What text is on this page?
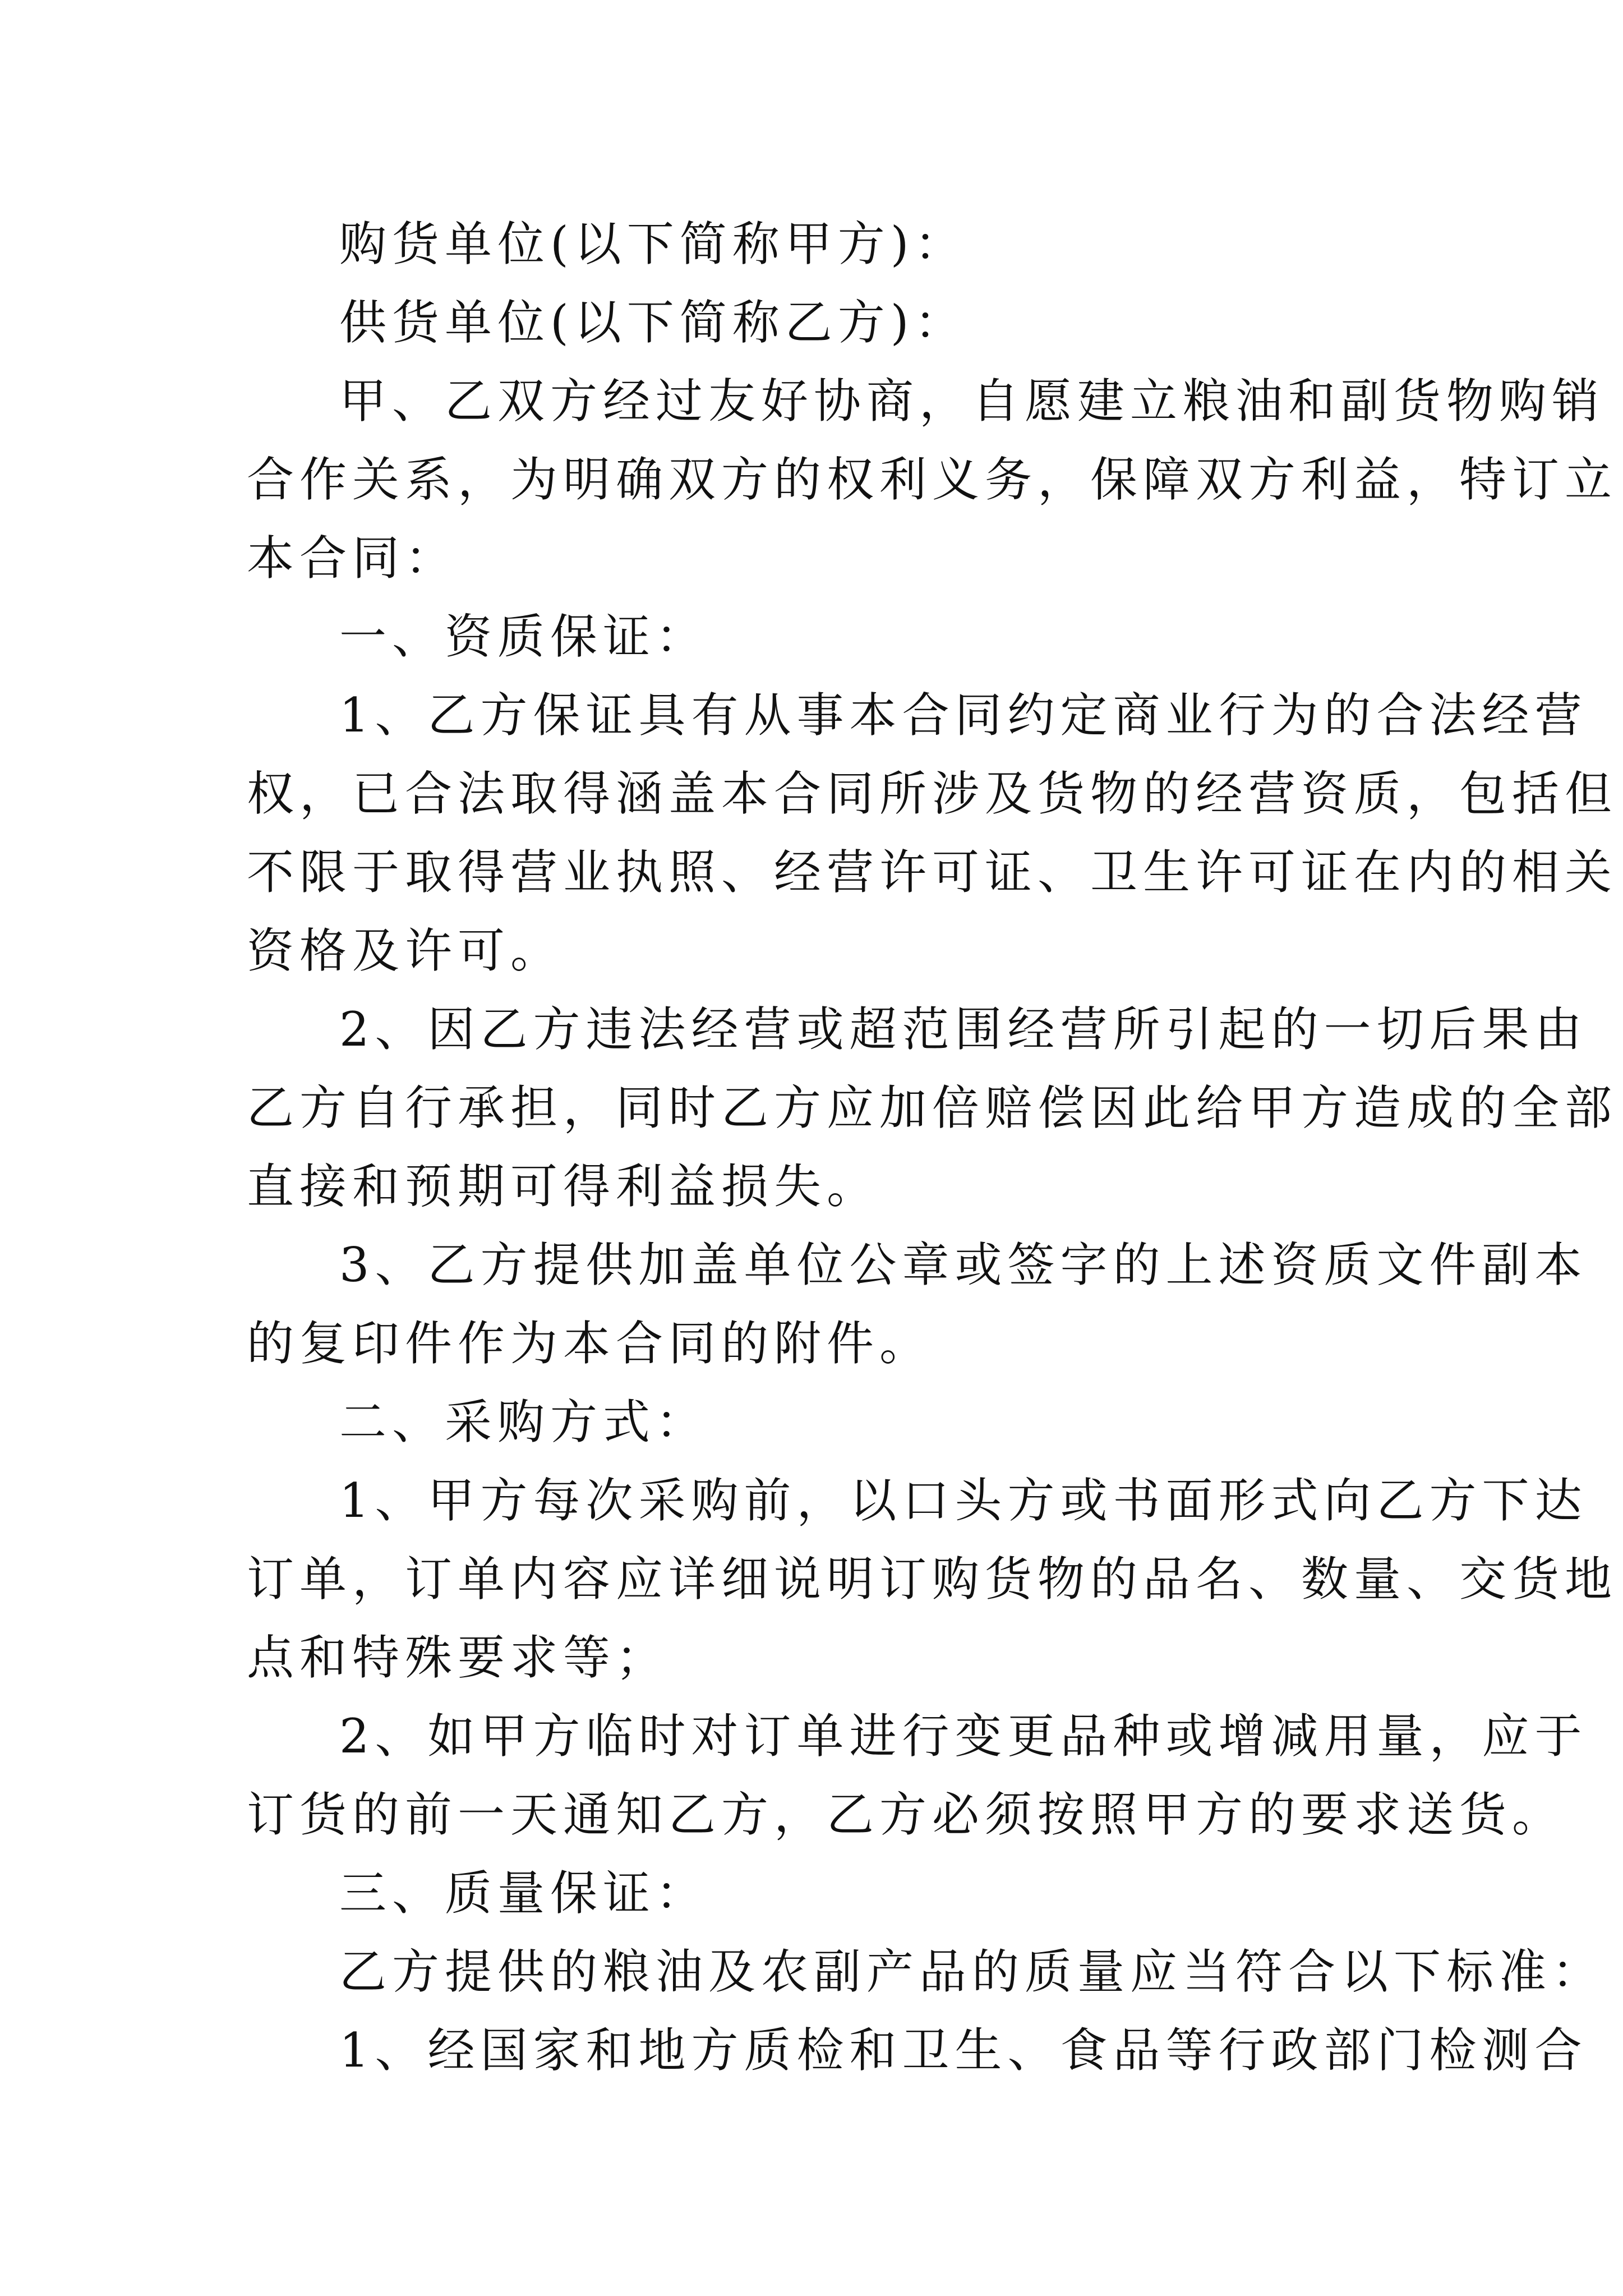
购货单位(以下简称甲方)：
供货单位(以下简称乙方)：
甲、乙双方经过友好协商，自愿建立粮油和副货物购销
合作关系，为明确双方的权利义务，保障双方利益，特订立
本合同：
一、资质保证：
1、乙方保证具有从事本合同约定商业行为的合法经营
权，已合法取得涵盖本合同所涉及货物的经营资质，包括但
不限于取得营业执照、经营许可证、卫生许可证在内的相关
资格及许可。
2、因乙方违法经营或超范围经营所引起的一切后果由
乙方自行承担，同时乙方应加倍赔偿因此给甲方造成的全部
直接和预期可得利益损失。
3、乙方提供加盖单位公章或签字的上述资质文件副本
的复印件作为本合同的附件。
二、采购方式：
1、甲方每次采购前，以口头方或书面形式向乙方下达
订单，订单内容应详细说明订购货物的品名、数量、交货地
点和特殊要求等；
2、如甲方临时对订单进行变更品种或增减用量，应于
订货的前一天通知乙方，乙方必须按照甲方的要求送货。
三、质量保证：
乙方提供的粮油及农副产品的质量应当符合以下标准：
1、经国家和地方质检和卫生、食品等行政部门检测合
